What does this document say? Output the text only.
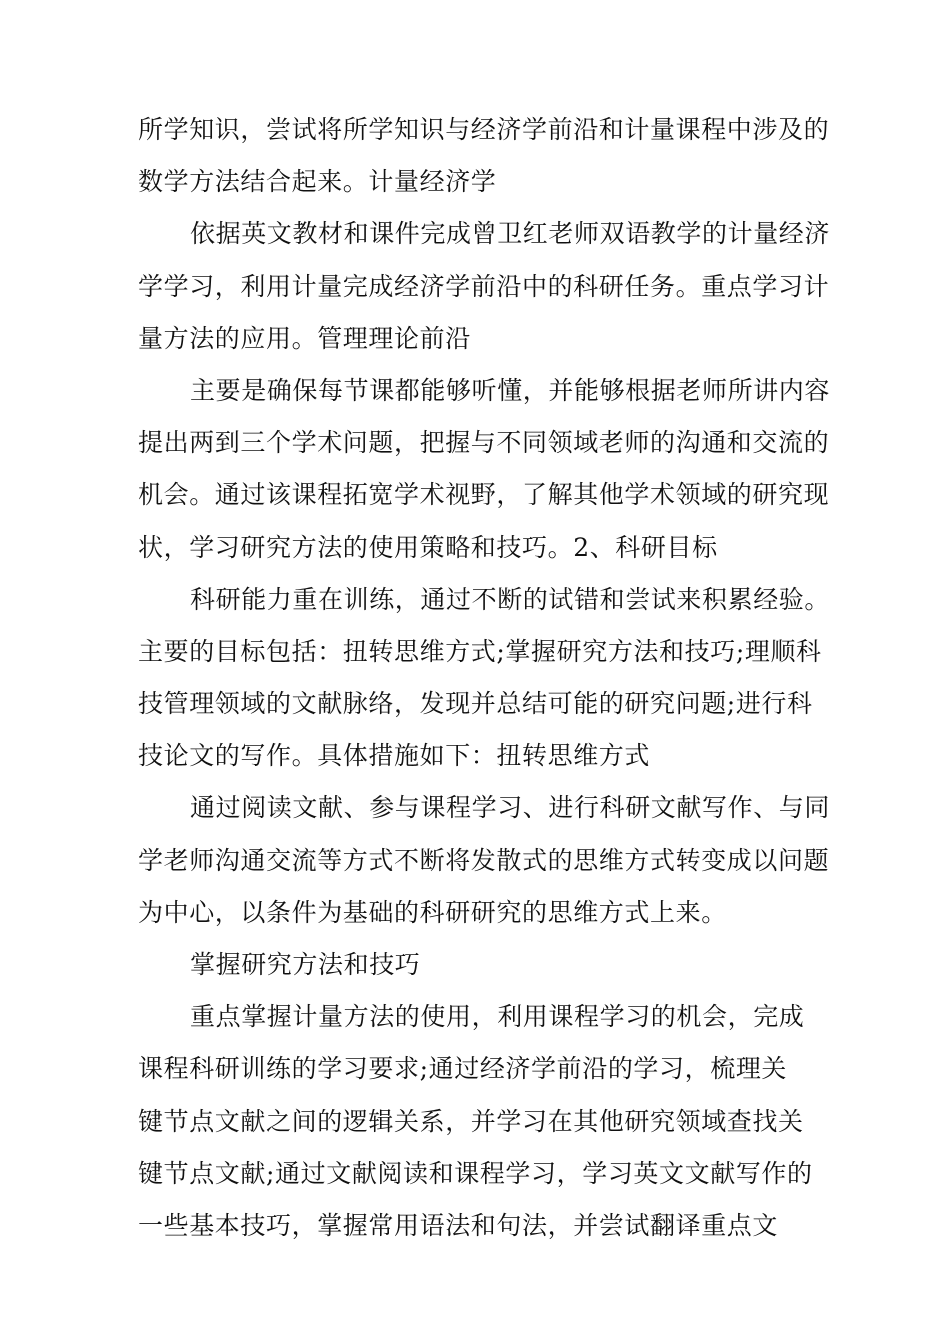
所学知识，尝试将所学知识与经济学前沿和计量课程中涉及的
数学方法结合起来。计量经济学
依据英文教材和课件完成曾卫红老师双语教学的计量经济
学学习，利用计量完成经济学前沿中的科研任务。重点学习计
量方法的应用。管理理论前沿
主要是确保每节课都能够听懂，并能够根据老师所讲内容
提出两到三个学术问题，把握与不同领域老师的沟通和交流的
机会。通过该课程拓宽学术视野，了解其他学术领域的研究现
状，学习研究方法的使用策略和技巧。2、科研目标
科研能力重在训练，通过不断的试错和尝试来积累经验。
主要的目标包括：扭转思维方式;掌握研究方法和技巧;理顺科
技管理领域的文献脉络，发现并总结可能的研究问题;进行科
技论文的写作。具体措施如下：扭转思维方式
通过阅读文献、参与课程学习、进行科研文献写作、与同
学老师沟通交流等方式不断将发散式的思维方式转变成以问题
为中心，以条件为基础的科研研究的思维方式上来。
掌握研究方法和技巧
重点掌握计量方法的使用，利用课程学习的机会，完成
课程科研训练的学习要求;通过经济学前沿的学习，梳理关
键节点文献之间的逻辑关系，并学习在其他研究领域查找关
键节点文献;通过文献阅读和课程学习，学习英文文献写作的
一些基本技巧，掌握常用语法和句法，并尝试翻译重点文
